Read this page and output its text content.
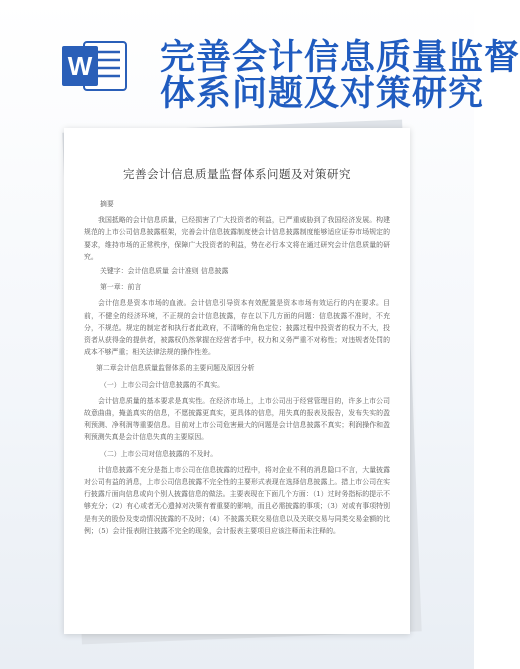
W 完善会计信息质量监督
体系问题及对策研究
完善会计信息质量监督体系问题及对策研究

摘要

我国抵略的会计信息质量，已经损害了广大投资者的利益，已严重威胁到了我国经济发展。构建规范的上市公司信息披露框架，完善会计信息披露制度使会计信息披露制度能够适应证券市场规定的要求，维持市场的正常秩序，保障广大投资者的利益，势在必行本文将在通过研究会计信息质量的研究。

关键字：会计信息质量 会计准则 信息披露

第一章：前言

会计信息是资本市场的血液。会计信息引导资本有效配置是资本市场有效运行的内在要求。目前，不健全的经济环境，不正规的会计信息披露，存在以下几方面的问题：信息披露不准时，不充分，不规范。规定的制定者和执行者此政府，不清晰的角色定位；披露过程中投资者的权力不大，投资者从获得金的提供者，被露权仍然掌握在经营者手中，权力和义务严重不对称性；对违规者处罚的成本不够严重；相关法律法规的操作性差。

第二章会计信息质量监督体系的主要问题及原因分析

（一）上市公司会计信息披露的不真实。

会计信息质量的基本要求是真实性。在经济市场上，上市公司出于经营管理目的，许多上市公司故意曲曲，掩盖真实的信息，不愿披露更真实，更具体的信息，用失真的报表及报告，发布失实的盈利预测、净利润等重要信息。目前对上市公司危害最大的问题是会计信息披露不真实；利润操作和盈利预测失真是会计信息失真的主要原因。

（二）上市公司对信息披露的不及时。

计信息披露不充分是指上市公司在信息披露的过程中，将对企业不利的消息隐口不言，大量披露对公司有益的消息，上市公司信息披露不完全性的主要形式表现在选择信息披露上。措上市公司在实行披露斤面向信息或向个别人披露信息的做法。主要表现在下面几个方面：（1）过时务指标的提示不够充分；（2）有心或者无心遗掉对决策有着重要的影响，而且必需披露的事项；（3）对或有事项特别是有关的股份及变动情况披露的不及时；（4）不披露关联交易信息以及关联交易与同类交易金额的比例；（5）会计报表附注披露不完全的现象，会计报表主要项目应该注释而未注释的。
